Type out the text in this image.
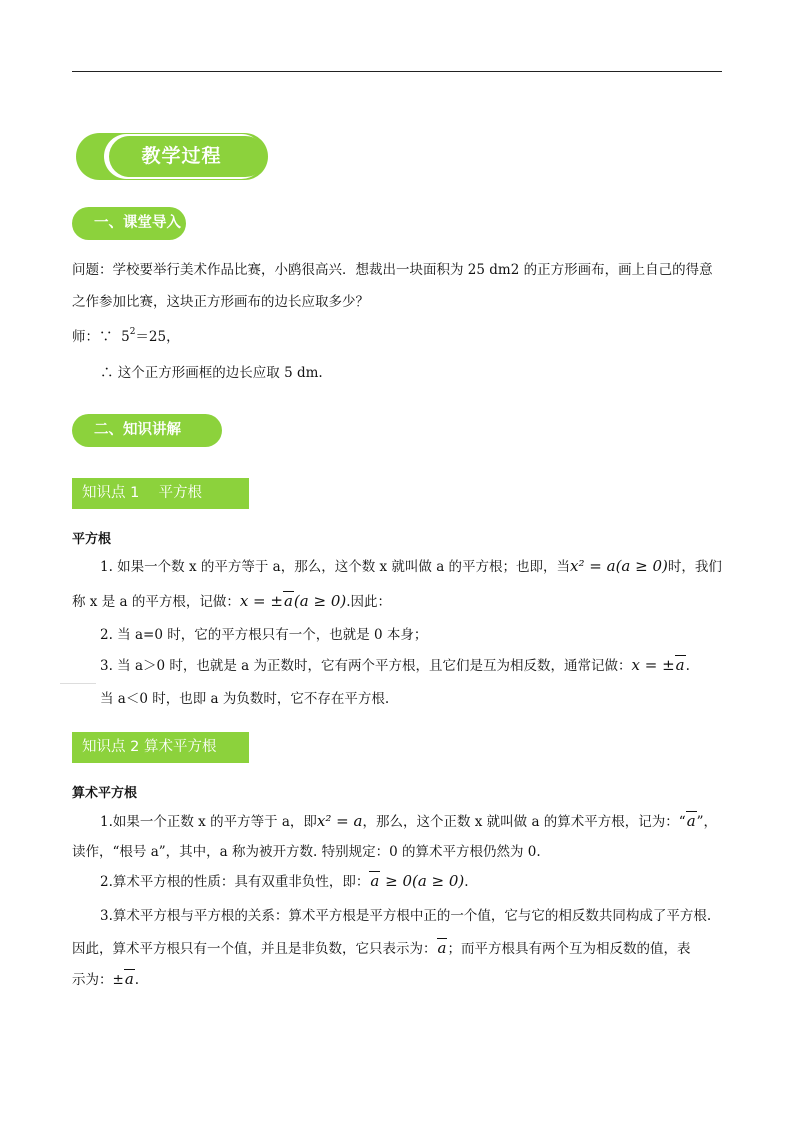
教学过程
一、课堂导入
问题：学校要举行美术作品比赛，小鸥很高兴．想裁出一块面积为 25 dm2 的正方形画布，画上自己的得意
之作参加比赛，这块正方形画布的边长应取多少？
师：∵ $5^2=25$，
∴ 这个正方形画框的边长应取 5 dm.
二、知识讲解
知识点 1　 平方根
平方根
1. 如果一个数 x 的平方等于 a，那么，这个数 x 就叫做 a 的平方根；也即，当x² = a(a ≥ 0)时，我们
称 x 是 a 的平方根，记做：x = ±a(a ≥ 0).因此：
2. 当 a=0 时，它的平方根只有一个，也就是 0 本身；
3. 当 a＞0 时，也就是 a 为正数时，它有两个平方根，且它们是互为相反数，通常记做：x = ±a.
当 a＜0 时，也即 a 为负数时，它不存在平方根.
知识点 2 算术平方根
算术平方根
1.如果一个正数 x 的平方等于 a，即x² = a，那么，这个正数 x 就叫做 a 的算术平方根，记为：“a”，
读作，“根号 a”，其中，a 称为被开方数. 特别规定：0 的算术平方根仍然为 0.
2.算术平方根的性质：具有双重非负性，即：a ≥ 0(a ≥ 0).
3.算术平方根与平方根的关系：算术平方根是平方根中正的一个值，它与它的相反数共同构成了平方根.
因此，算术平方根只有一个值，并且是非负数，它只表示为：a；而平方根具有两个互为相反数的值，表
示为：±a.
